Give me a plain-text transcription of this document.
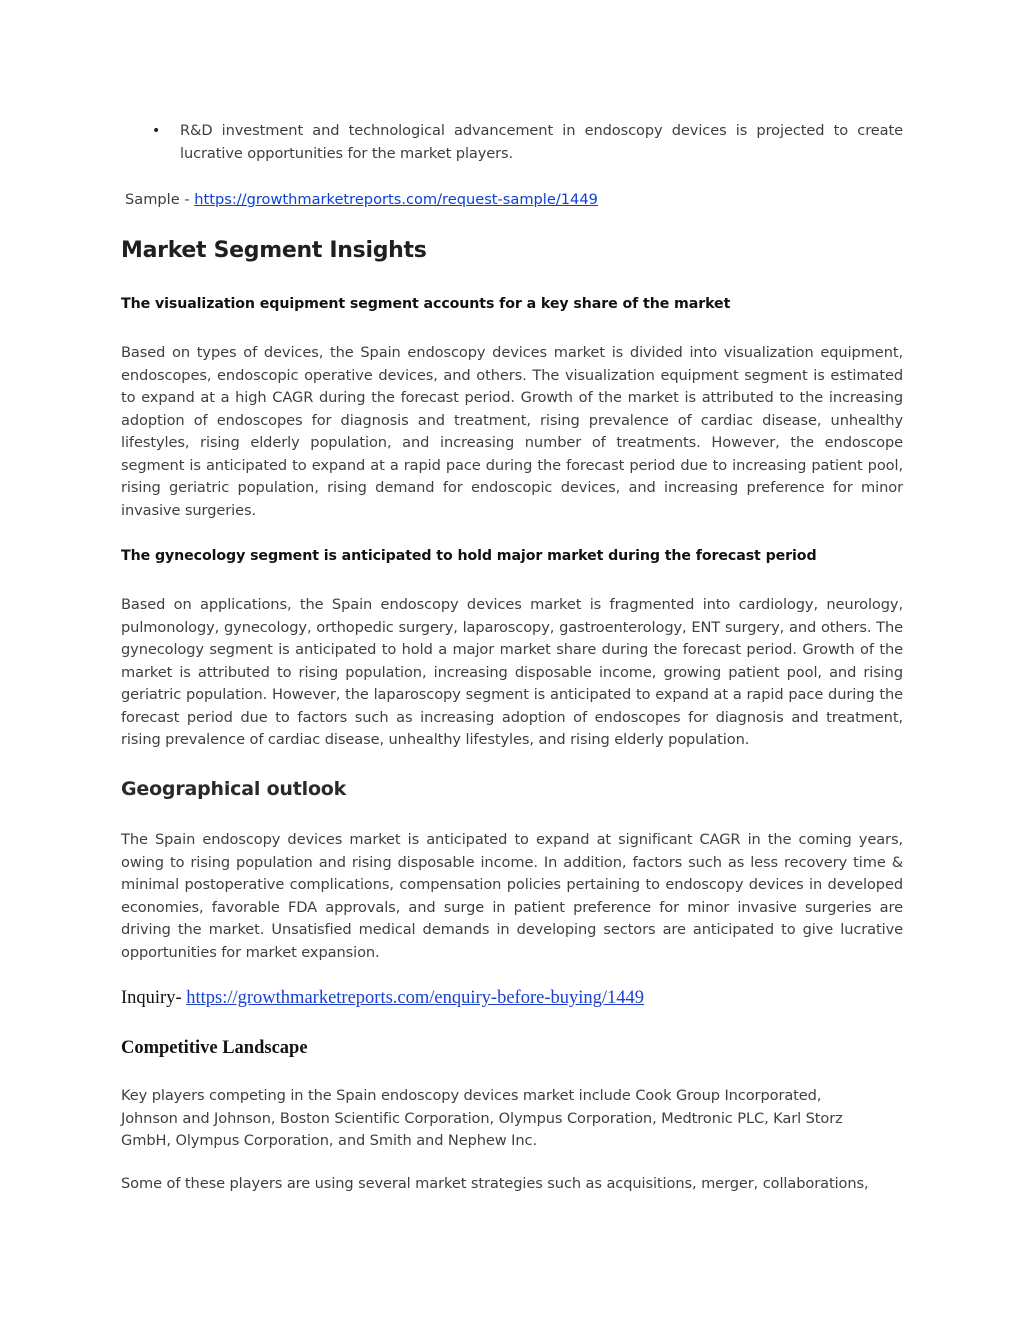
• R&D investment and technological advancement in endoscopy devices is projected to create lucrative opportunities for the market players.

Sample - https://growthmarketreports.com/request-sample/1449
Market Segment Insights
The visualization equipment segment accounts for a key share of the market

Based on types of devices, the Spain endoscopy devices market is divided into visualization equipment, endoscopes, endoscopic operative devices, and others. The visualization equipment segment is estimated to expand at a high CAGR during the forecast period. Growth of the market is attributed to the increasing adoption of endoscopes for diagnosis and treatment, rising prevalence of cardiac disease, unhealthy lifestyles, rising elderly population, and increasing number of treatments. However, the endoscope segment is anticipated to expand at a rapid pace during the forecast period due to increasing patient pool, rising geriatric population, rising demand for endoscopic devices, and increasing preference for minor invasive surgeries.

The gynecology segment is anticipated to hold major market during the forecast period

Based on applications, the Spain endoscopy devices market is fragmented into cardiology, neurology, pulmonology, gynecology, orthopedic surgery, laparoscopy, gastroenterology, ENT surgery, and others. The gynecology segment is anticipated to hold a major market share during the forecast period. Growth of the market is attributed to rising population, increasing disposable income, growing patient pool, and rising geriatric population. However, the laparoscopy segment is anticipated to expand at a rapid pace during the forecast period due to factors such as increasing adoption of endoscopes for diagnosis and treatment, rising prevalence of cardiac disease, unhealthy lifestyles, and rising elderly population.

Geographical outlook

The Spain endoscopy devices market is anticipated to expand at significant CAGR in the coming years, owing to rising population and rising disposable income. In addition, factors such as less recovery time & minimal postoperative complications, compensation policies pertaining to endoscopy devices in developed economies, favorable FDA approvals, and surge in patient preference for minor invasive surgeries are driving the market. Unsatisfied medical demands in developing sectors are anticipated to give lucrative opportunities for market expansion.

Inquiry- https://growthmarketreports.com/enquiry-before-buying/1449
Competitive Landscape

Key players competing in the Spain endoscopy devices market include Cook Group Incorporated, Johnson and Johnson, Boston Scientific Corporation, Olympus Corporation, Medtronic PLC, Karl Storz GmbH, Olympus Corporation, and Smith and Nephew Inc.

Some of these players are using several market strategies such as acquisitions, merger, collaborations,
